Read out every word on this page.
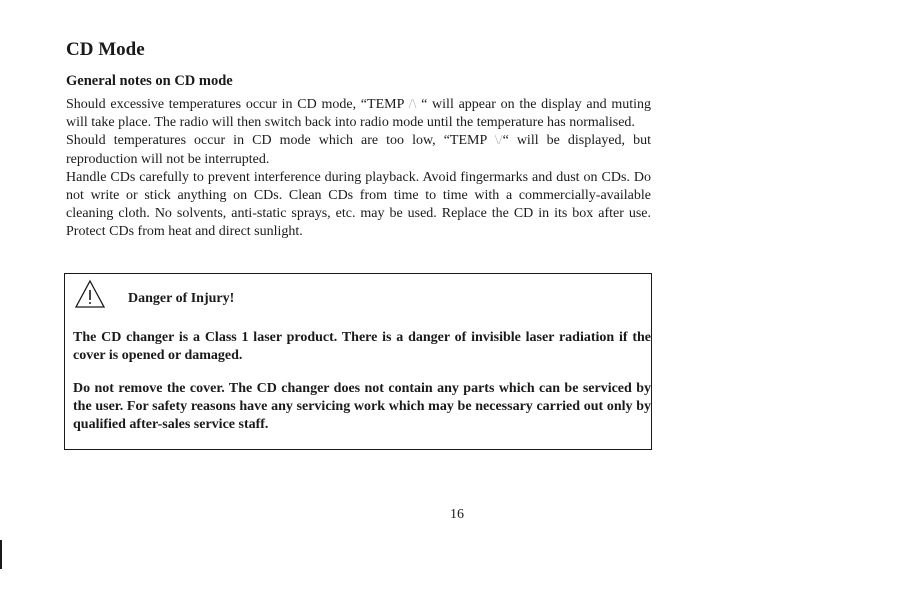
CD Mode
General notes on CD mode

Should excessive temperatures occur in CD mode, “TEMP /\ “ will appear on the display and muting will take place. The radio will then switch back into radio mode until the temperature has normalised.

Should temperatures occur in CD mode which are too low, “TEMP \/“ will be displayed, but reproduction will not be interrupted.

Handle CDs carefully to prevent interference during playback. Avoid fingermarks and dust on CDs. Do not write or stick anything on CDs. Clean CDs from time to time with a commercially-available cleaning cloth. No solvents, anti-static sprays, etc. may be used. Replace the CD in its box after use. Protect CDs from heat and direct sunlight.

Danger of Injury!

The CD changer is a Class 1 laser product. There is a danger of invisible laser radiation if the cover is opened or damaged.

Do not remove the cover. The CD changer does not contain any parts which can be serviced by the user. For safety reasons have any servicing work which may be necessary carried out only by qualified after-sales service staff.

16
